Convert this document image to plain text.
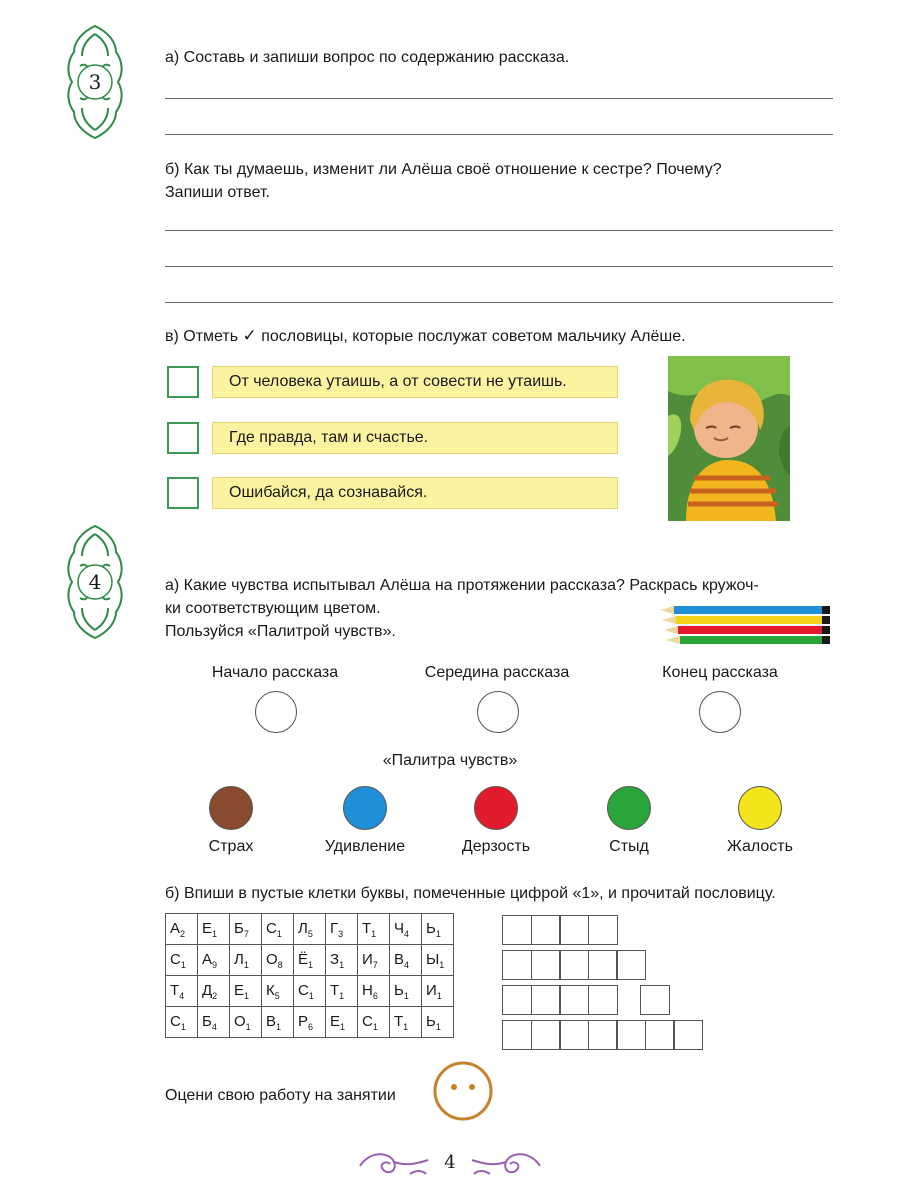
3
а) Составь и запиши вопрос по содержанию рассказа.
б) Как ты думаешь, изменит ли Алёша своё отношение к сестре? Почему?
Запиши ответ.
в) Отметь ✓ пословицы, которые послужат советом мальчику Алёше.
От человека утаишь, а от совести не утаишь.
Где правда, там и счастье.
Ошибайся, да сознавайся.
4	а) Какие чувства испытывал Алёша на протяжении рассказа? Раскрась кружоч-
ки соответствующим цветом.
Пользуйся «Палитрой чувств».
Начало рассказа	Середина рассказа	Конец рассказа
«Палитра чувств»
Страх	Удивление	Дерзость	Стыд	Жалость
б) Впиши в пустые клетки буквы, помеченные цифрой «1», и прочитай пословицу.
$А_2$	$Е_1$	$Б_7$	$С_1$	$Л_5$	$Г_3$	$Т_1$	$Ч_4$	$Ь_1$
$С_1$	$А_9$	$Л_1$	$О_8$	$Ё_1$	$З_1$	$И_7$	$В_4$	$Ы_1$
$Т_4$	$Д_2$	$Е_1$	$К_5$	$С_1$	$Т_1$	$Н_6$	$Ь_1$	$И_1$
$С_1$	$Б_4$	$О_1$	$В_1$	$Р_6$	$Е_1$	$С_1$	$Т_1$	$Ь_1$
Оцени свою работу на занятии
4
